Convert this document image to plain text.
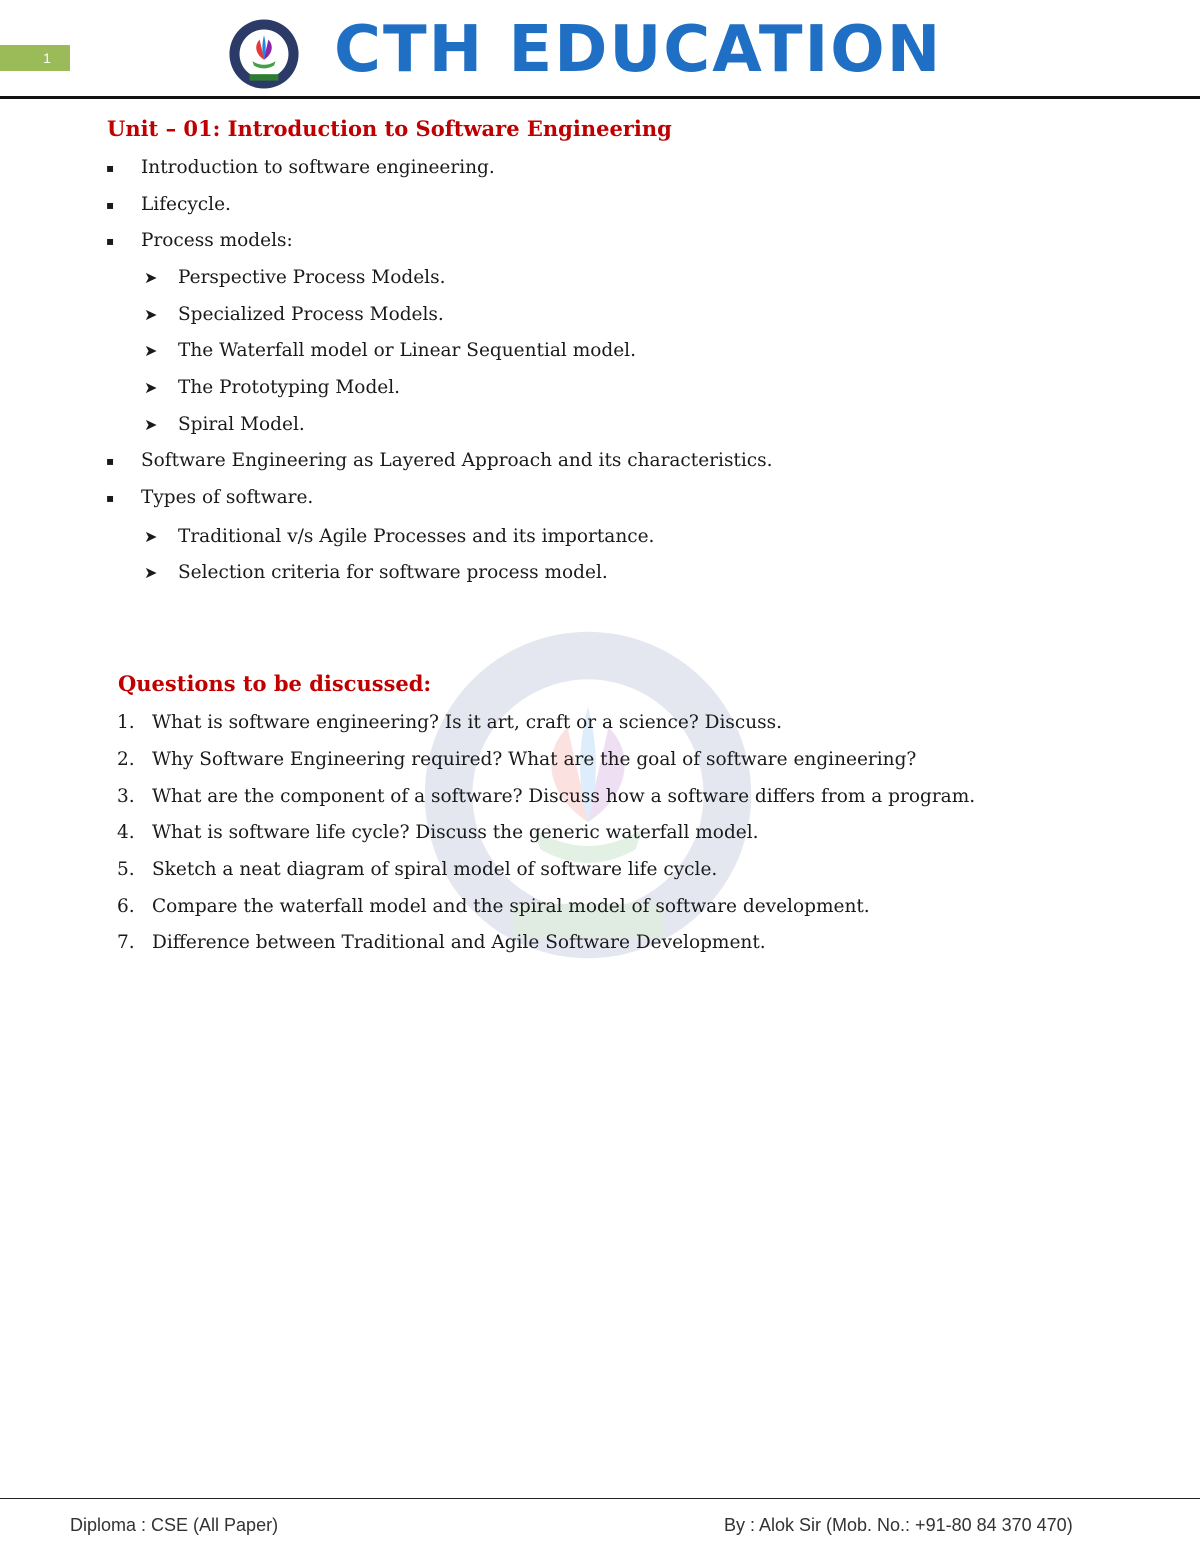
1	CTH EDUCATION
Unit – 01: Introduction to Software Engineering
▪ Introduction to software engineering.
▪ Lifecycle.
▪ Process models:
➤ Perspective Process Models.
➤ Specialized Process Models.
➤ The Waterfall model or Linear Sequential model.
➤ The Prototyping Model.
➤ Spiral Model.
▪ Software Engineering as Layered Approach and its characteristics.
▪ Types of software.
➤ Traditional v/s Agile Processes and its importance.
➤ Selection criteria for software process model.
Questions to be discussed:
1. What is software engineering? Is it art, craft or a science? Discuss.
2. Why Software Engineering required? What are the goal of software engineering?
3. What are the component of a software? Discuss how a software differs from a program.
4. What is software life cycle? Discuss the generic waterfall model.
5. Sketch a neat diagram of spiral model of software life cycle.
6. Compare the waterfall model and the spiral model of software development.
7. Difference between Traditional and Agile Software Development.
Diploma : CSE (All Paper)	By : Alok Sir (Mob. No.: +91-80 84 370 470)
